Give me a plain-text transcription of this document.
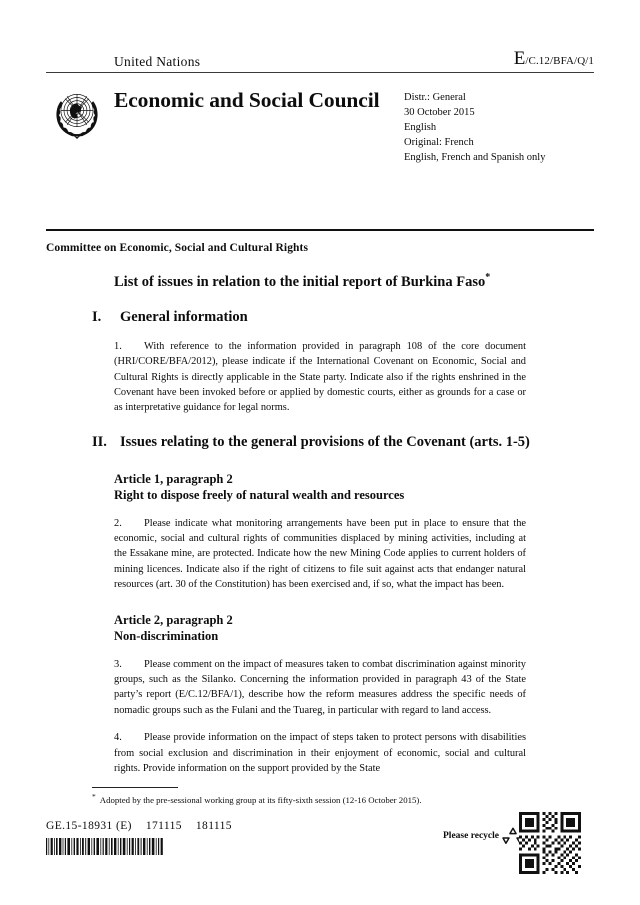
United Nations	E/C.12/BFA/Q/1
Economic and Social Council	Distr.: General
30 October 2015
English
Original: French
English, French and Spanish only
Committee on Economic, Social and Cultural Rights
List of issues in relation to the initial report of Burkina Faso*
I.	General information

1. With reference to the information provided in paragraph 108 of the core document (HRI/CORE/BFA/2012), please indicate if the International Covenant on Economic, Social and Cultural Rights is directly applicable in the State party. Indicate also if the rights enshrined in the Covenant have been invoked before or applied by domestic courts, either as grounds for a case or as interpretative guidance for legal norms.

II. Issues relating to the general provisions of the Covenant (arts. 1-5)
Article 1, paragraph 2
Right to dispose freely of natural wealth and resources

2. Please indicate what monitoring arrangements have been put in place to ensure that the economic, social and cultural rights of communities displaced by mining activities, including at the Essakane mine, are protected. Indicate how the new Mining Code applies to current holders of mining licences. Indicate also if the right of citizens to file suit against acts that endanger natural resources (art. 30 of the Constitution) has been exercised and, if so, what the impact has been.

Article 2, paragraph 2
Non-discrimination

3. Please comment on the impact of measures taken to combat discrimination against minority groups, such as the Silanko. Concerning the information provided in paragraph 43 of the State party’s report (E/C.12/BFA/1), describe how the reform measures address the specific needs of nomadic groups such as the Fulani and the Tuareg, in particular with regard to land access.

4. Please provide information on the impact of steps taken to protect persons with disabilities from social exclusion and discrimination in their enjoyment of economic, social and cultural rights. Provide information on the support provided by the State

* Adopted by the pre-sessional working group at its fifty-sixth session (12-16 October 2015).
GE.15-18931 (E) 171115 181115
Please recycle
